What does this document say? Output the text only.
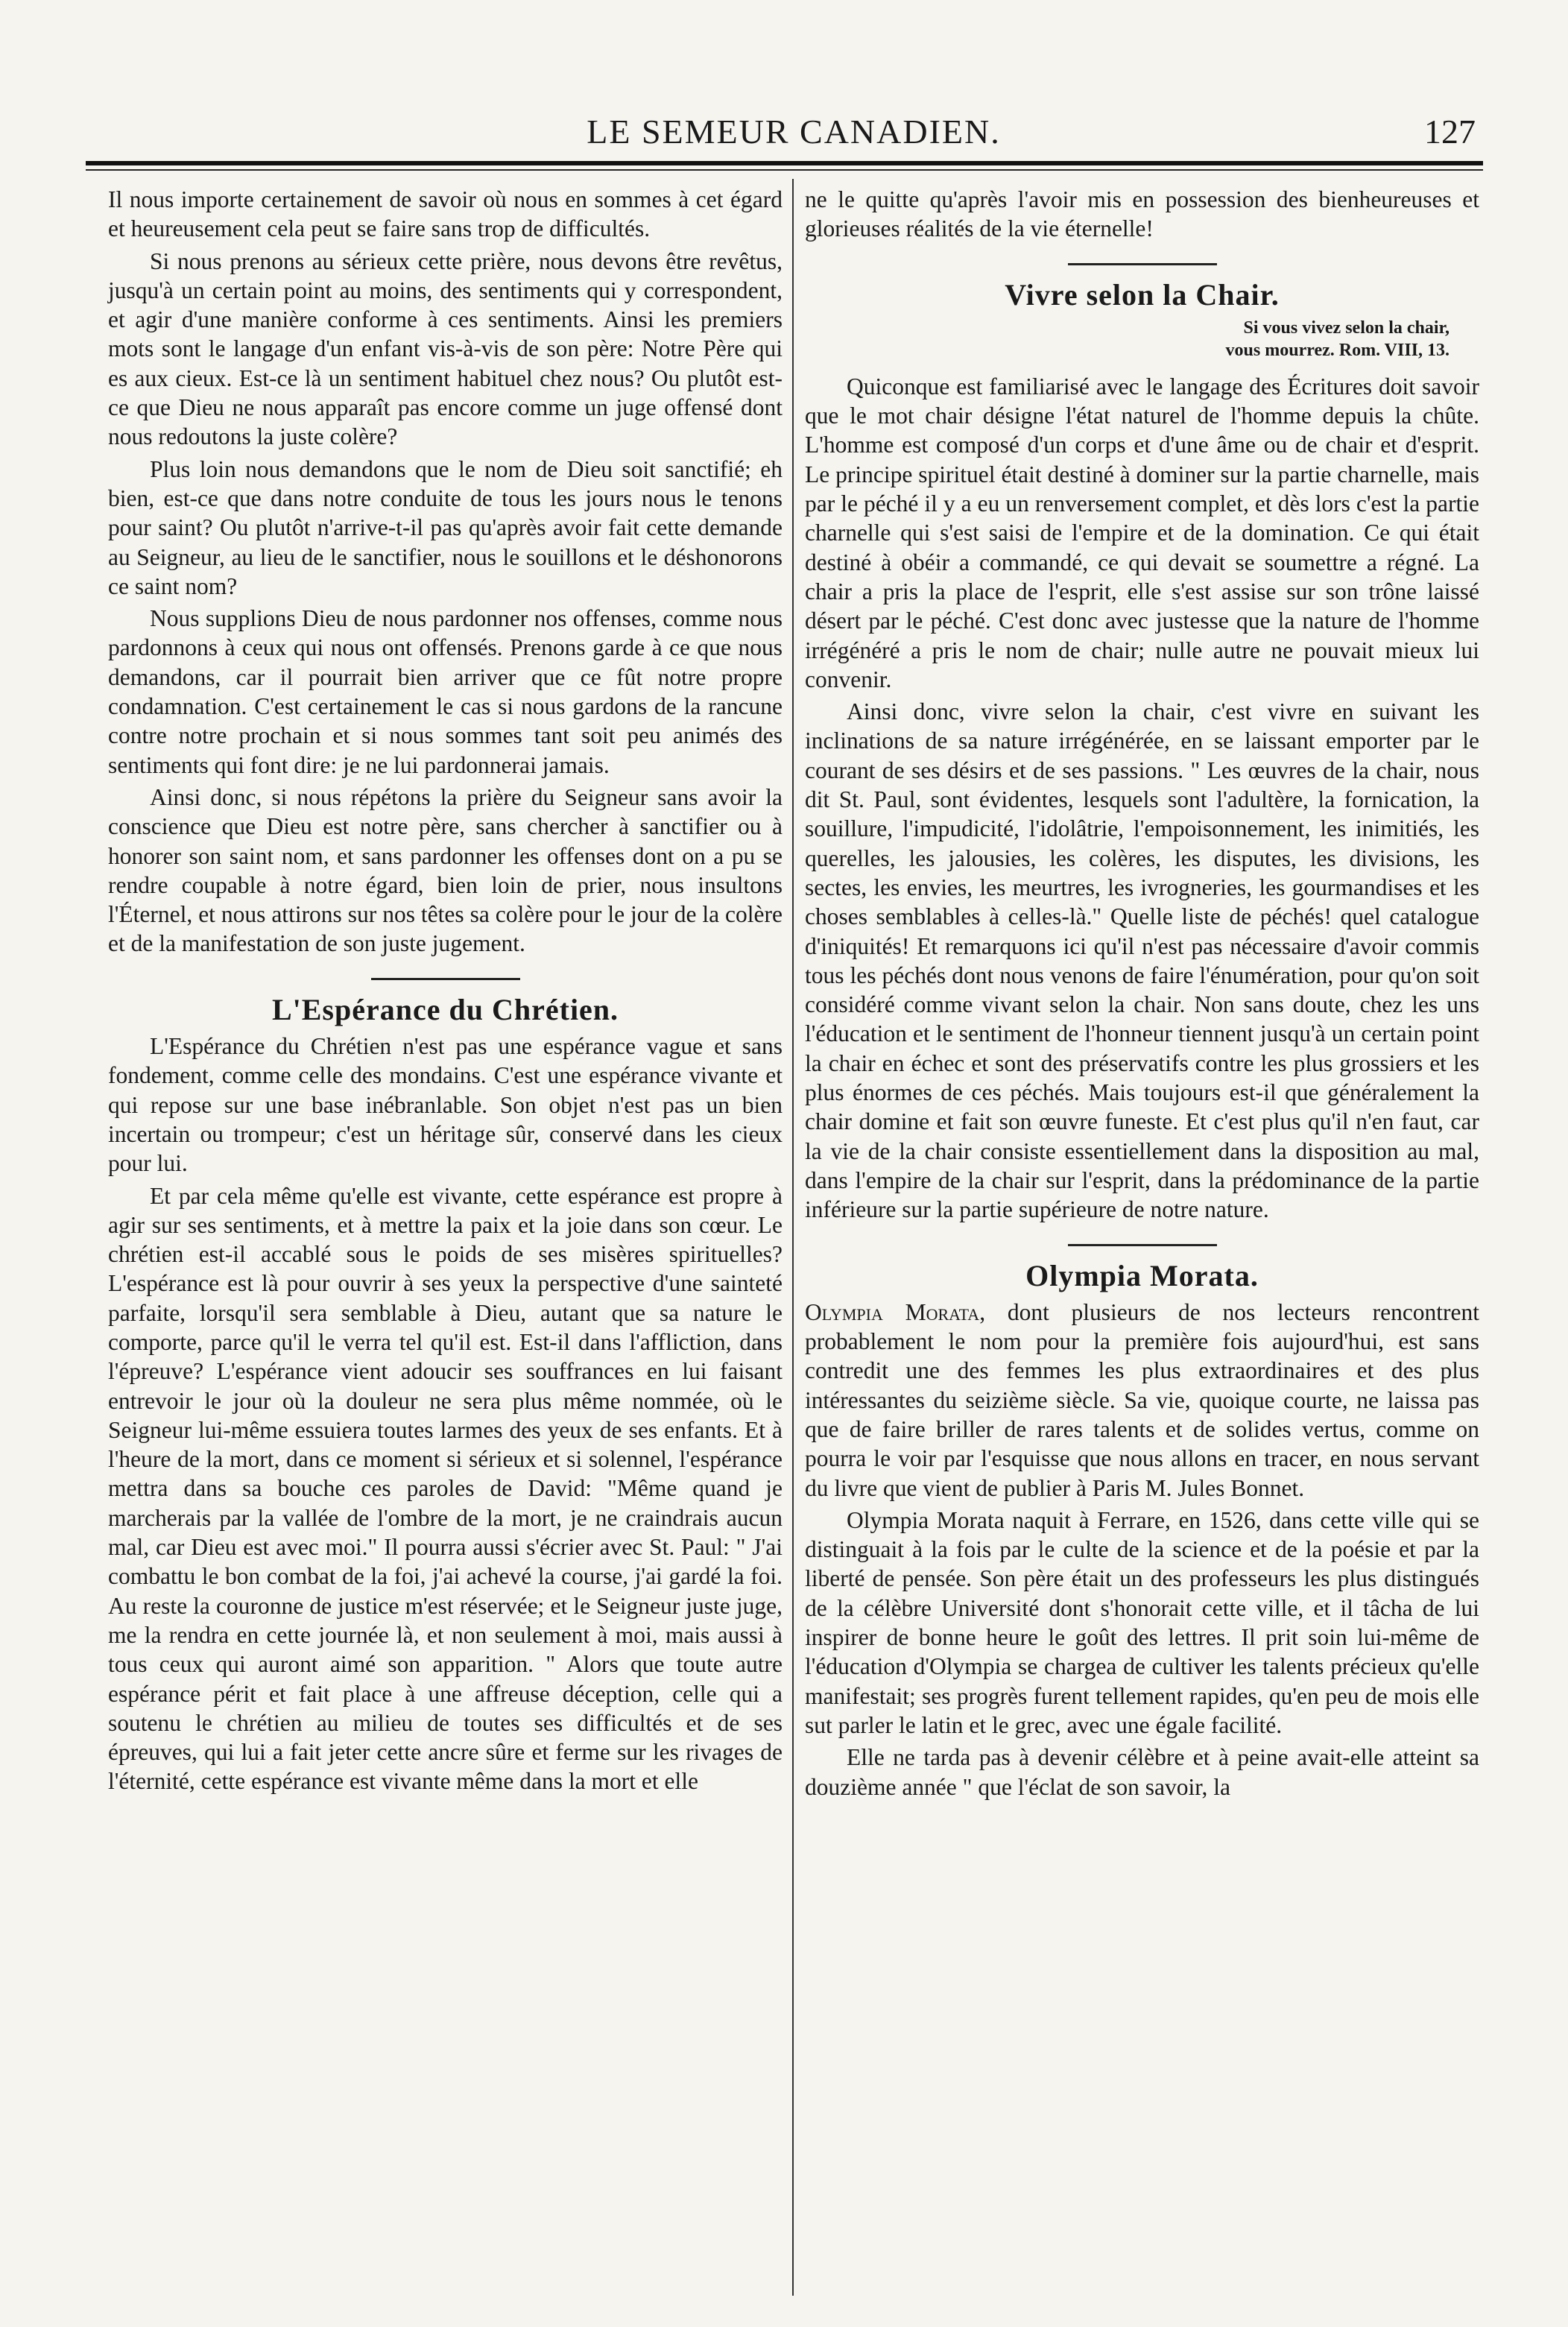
LE SEMEUR CANADIEN.	127

Il nous importe certainement de savoir où nous en sommes à cet égard et heureusement cela peut se faire sans trop de difficultés.

Si nous prenons au sérieux cette prière, nous devons être revêtus, jusqu'à un certain point au moins, des sentiments qui y correspondent, et agir d'une manière conforme à ces sentiments. Ainsi les premiers mots sont le langage d'un enfant vis-à-vis de son père: Notre Père qui es aux cieux. Est-ce là un sentiment habituel chez nous? Ou plutôt est-ce que Dieu ne nous apparaît pas encore comme un juge offensé dont nous redoutons la juste colère?

Plus loin nous demandons que le nom de Dieu soit sanctifié; eh bien, est-ce que dans notre conduite de tous les jours nous le tenons pour saint? Ou plutôt n'arrive-t-il pas qu'après avoir fait cette demande au Seigneur, au lieu de le sanctifier, nous le souillons et le déshonorons ce saint nom?

Nous supplions Dieu de nous pardonner nos offenses, comme nous pardonnons à ceux qui nous ont offensés. Prenons garde à ce que nous demandons, car il pourrait bien arriver que ce fût notre propre condamnation. C'est certainement le cas si nous gardons de la rancune contre notre prochain et si nous sommes tant soit peu animés des sentiments qui font dire: je ne lui pardonnerai jamais.

Ainsi donc, si nous répétons la prière du Seigneur sans avoir la conscience que Dieu est notre père, sans chercher à sanctifier ou à honorer son saint nom, et sans pardonner les offenses dont on a pu se rendre coupable à notre égard, bien loin de prier, nous insultons l'Éternel, et nous attirons sur nos têtes sa colère pour le jour de la colère et de la manifestation de son juste jugement.

L'Espérance du Chrétien.

L'Espérance du Chrétien n'est pas une espérance vague et sans fondement, comme celle des mondains. C'est une espérance vivante et qui repose sur une base inébranlable. Son objet n'est pas un bien incertain ou trompeur; c'est un héritage sûr, conservé dans les cieux pour lui.

Et par cela même qu'elle est vivante, cette espérance est propre à agir sur ses sentiments, et à mettre la paix et la joie dans son cœur. Le chrétien est-il accablé sous le poids de ses misères spirituelles? L'espérance est là pour ouvrir à ses yeux la perspective d'une sainteté parfaite, lorsqu'il sera semblable à Dieu, autant que sa nature le comporte, parce qu'il le verra tel qu'il est. Est-il dans l'affliction, dans l'épreuve? L'espérance vient adoucir ses souffrances en lui faisant entrevoir le jour où la douleur ne sera plus même nommée, où le Seigneur lui-même essuiera toutes larmes des yeux de ses enfants. Et à l'heure de la mort, dans ce moment si sérieux et si solennel, l'espérance mettra dans sa bouche ces paroles de David: "Même quand je marcherais par la vallée de l'ombre de la mort, je ne craindrais aucun mal, car Dieu est avec moi." Il pourra aussi s'écrier avec St. Paul: " J'ai combattu le bon combat de la foi, j'ai achevé la course, j'ai gardé la foi. Au reste la couronne de justice m'est réservée; et le Seigneur juste juge, me la rendra en cette journée là, et non seulement à moi, mais aussi à tous ceux qui auront aimé son apparition. " Alors que toute autre espérance périt et fait place à une affreuse déception, celle qui a soutenu le chrétien au milieu de toutes ses difficultés et de ses épreuves, qui lui a fait jeter cette ancre sûre et ferme sur les rivages de l'éternité, cette espérance est vivante même dans la mort et elle

ne le quitte qu'après l'avoir mis en possession des bienheureuses et glorieuses réalités de la vie éternelle!

Vivre selon la Chair.
Si vous vivez selon la chair,
vous mourrez. Rom. VIII, 13.

Quiconque est familiarisé avec le langage des Écritures doit savoir que le mot chair désigne l'état naturel de l'homme depuis la chûte. L'homme est composé d'un corps et d'une âme ou de chair et d'esprit. Le principe spirituel était destiné à dominer sur la partie charnelle, mais par le péché il y a eu un renversement complet, et dès lors c'est la partie charnelle qui s'est saisi de l'empire et de la domination. Ce qui était destiné à obéir a commandé, ce qui devait se soumettre a régné. La chair a pris la place de l'esprit, elle s'est assise sur son trône laissé désert par le péché. C'est donc avec justesse que la nature de l'homme irrégénéré a pris le nom de chair; nulle autre ne pouvait mieux lui convenir.

Ainsi donc, vivre selon la chair, c'est vivre en suivant les inclinations de sa nature irrégénérée, en se laissant emporter par le courant de ses désirs et de ses passions. " Les œuvres de la chair, nous dit St. Paul, sont évidentes, lesquels sont l'adultère, la fornication, la souillure, l'impudicité, l'idolâtrie, l'empoisonnement, les inimitiés, les querelles, les jalousies, les colères, les disputes, les divisions, les sectes, les envies, les meurtres, les ivrogneries, les gourmandises et les choses semblables à celles-là." Quelle liste de péchés! quel catalogue d'iniquités! Et remarquons ici qu'il n'est pas nécessaire d'avoir commis tous les péchés dont nous venons de faire l'énumération, pour qu'on soit considéré comme vivant selon la chair. Non sans doute, chez les uns l'éducation et le sentiment de l'honneur tiennent jusqu'à un certain point la chair en échec et sont des préservatifs contre les plus grossiers et les plus énormes de ces péchés. Mais toujours est-il que généralement la chair domine et fait son œuvre funeste. Et c'est plus qu'il n'en faut, car la vie de la chair consiste essentiellement dans la disposition au mal, dans l'empire de la chair sur l'esprit, dans la prédominance de la partie inférieure sur la partie supérieure de notre nature.

Olympia Morata.

Olympia Morata, dont plusieurs de nos lecteurs rencontrent probablement le nom pour la première fois aujourd'hui, est sans contredit une des femmes les plus extraordinaires et des plus intéressantes du seizième siècle. Sa vie, quoique courte, ne laissa pas que de faire briller de rares talents et de solides vertus, comme on pourra le voir par l'esquisse que nous allons en tracer, en nous servant du livre que vient de publier à Paris M. Jules Bonnet.

Olympia Morata naquit à Ferrare, en 1526, dans cette ville qui se distinguait à la fois par le culte de la science et de la poésie et par la liberté de pensée. Son père était un des professeurs les plus distingués de la célèbre Université dont s'honorait cette ville, et il tâcha de lui inspirer de bonne heure le goût des lettres. Il prit soin lui-même de l'éducation d'Olympia se chargea de cultiver les talents précieux qu'elle manifestait; ses progrès furent tellement rapides, qu'en peu de mois elle sut parler le latin et le grec, avec une égale facilité.

Elle ne tarda pas à devenir célèbre et à peine avait-elle atteint sa douzième année " que l'éclat de son savoir, la
